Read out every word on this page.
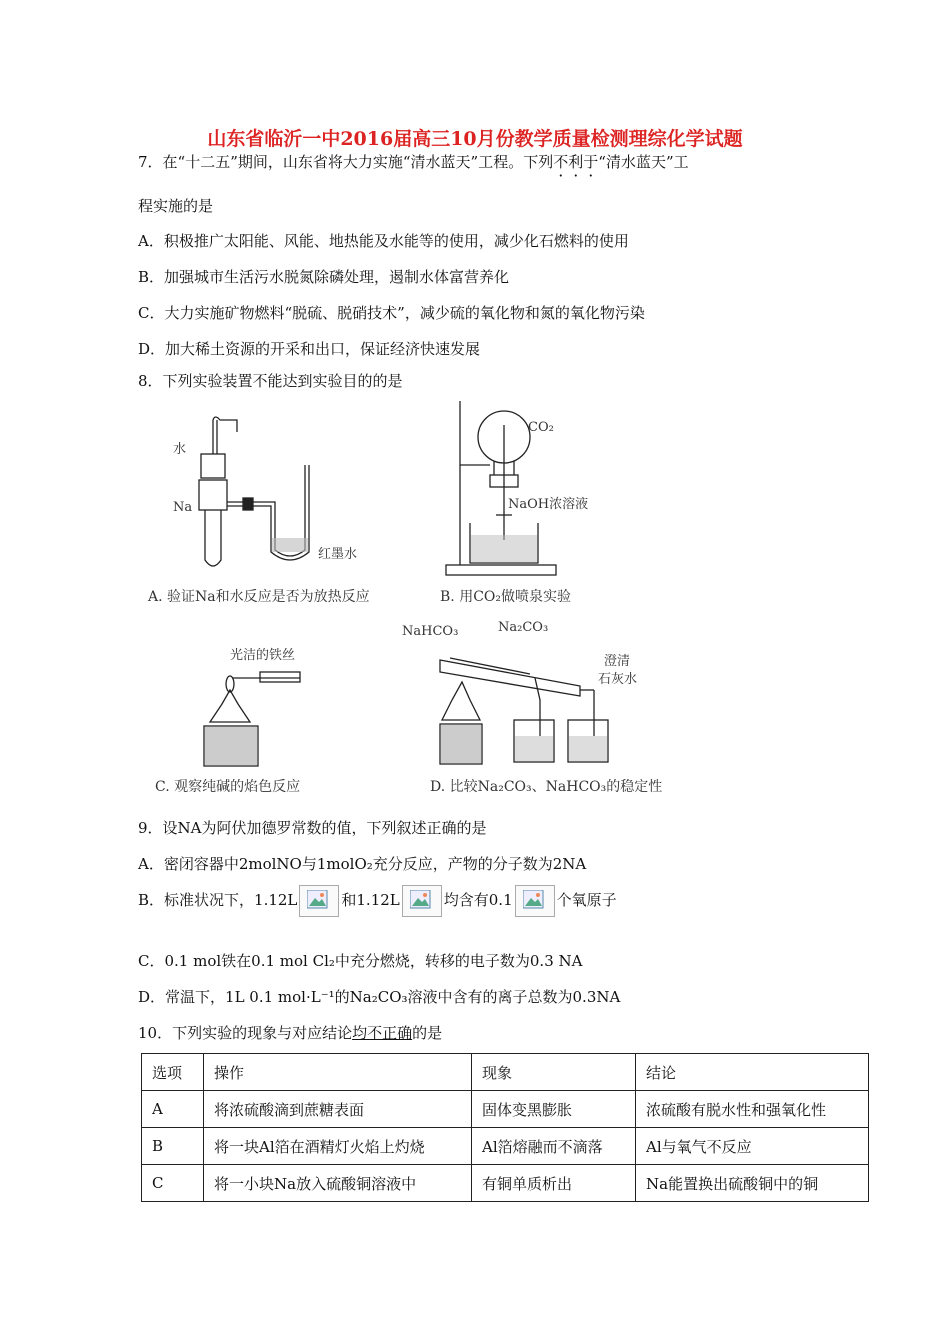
山东省临沂一中2016届高三10月份教学质量检测理综化学试题
7．在“十二五”期间，山东省将大力实施“清水蓝天”工程。下列不利于“清水蓝天”工
程实施的是
A．积极推广太阳能、风能、地热能及水能等的使用，减少化石燃料的使用
B．加强城市生活污水脱氮除磷处理，遏制水体富营养化
C．大力实施矿物燃料“脱硫、脱硝技术”，减少硫的氧化物和氮的氧化物污染
D．加大稀土资源的开采和出口，保证经济快速发展
8．下列实验装置不能达到实验目的的是
水
Na
红墨水
A. 验证Na和水反应是否为放热反应
CO₂
NaOH浓溶液
B. 用CO₂做喷泉实验
光洁的铁丝
C. 观察纯碱的焰色反应
NaHCO₃	Na₂CO₃
澄清
石灰水
D. 比较Na₂CO₃、NaHCO₃的稳定性
9．设NA为阿伏加德罗常数的值，下列叙述正确的是
A．密闭容器中2molNO与1molO₂充分反应，产物的分子数为2NA
B．标准状况下，1.12L	和1.12L	均含有0.1	个氧原子
C．0.1 mol铁在0.1 mol Cl₂中充分燃烧，转移的电子数为0.3 NA
D．常温下，1L 0.1 mol·L⁻¹的Na₂CO₃溶液中含有的离子总数为0.3NA
10．下列实验的现象与对应结论均不正确的是
选项	操作	现象	结论
A	将浓硫酸滴到蔗糖表面	固体变黑膨胀	浓硫酸有脱水性和强氧化性
B	将一块Al箔在酒精灯火焰上灼烧	Al箔熔融而不滴落	Al与氧气不反应
C	将一小块Na放入硫酸铜溶液中	有铜单质析出	Na能置换出硫酸铜中的铜
